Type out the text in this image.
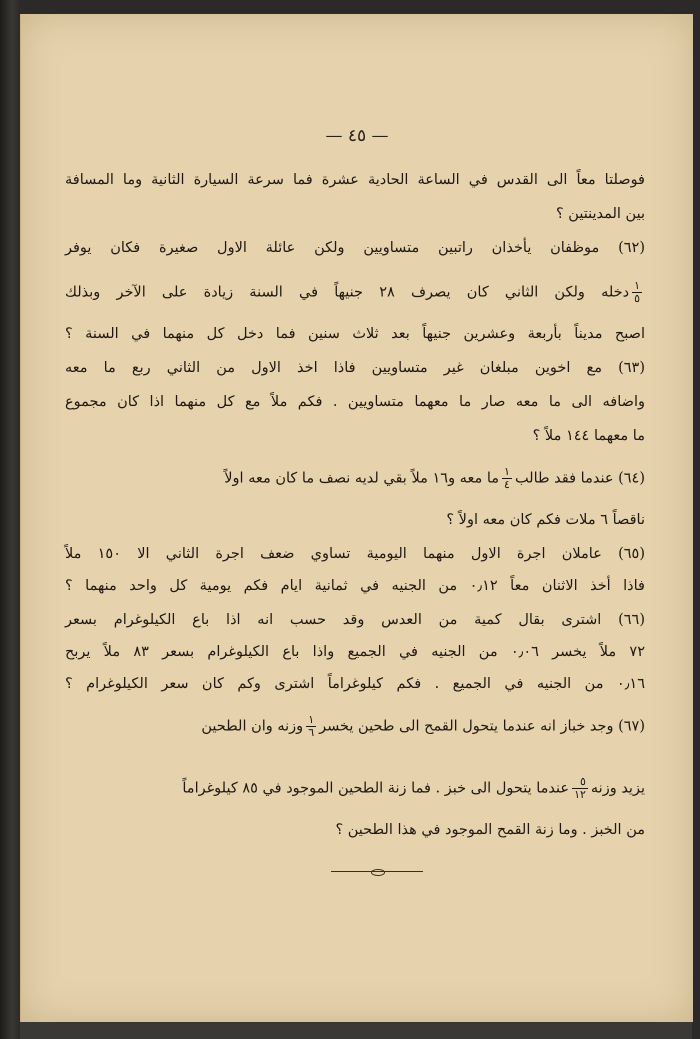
— ٤٥ —
فوصلتا معاً الى القدس في الساعة الحادية عشرة فما سرعة السيارة الثانية وما المسافة
بين المدينتين ؟
(٦٢) موظفان يأخذان راتبين متساويين ولكن عائلة الاول صغيرة فكان يوفر
$\frac{١}{٥}$
دخله ولكن الثاني كان يصرف ٢٨ جنيهاً في السنة زيادة على الآخر وبذلك
اصبح مديناً بأربعة وعشرين جنيهاً بعد ثلاث سنين فما دخل كل منهما في السنة ؟
(٦٣) مع اخوين مبلغان غير متساويين فاذا اخذ الاول من الثاني ربع ما معه
واضافه الى ما معه صار ما معهما متساويين . فكم ملاً مع كل منهما اذا كان مجموع
ما معهما ١٤٤ ملاً ؟
(٦٤) عندما فقد طالب
$\frac{١}{٤}$
ما معه و١٦ ملاً بقي لديه نصف ما كان معه اولاً
ناقصاً ٦ ملات فكم كان معه اولاً ؟
(٦٥) عاملان اجرة الاول منهما اليومية تساوي ضعف اجرة الثاني الا ١٥٠ ملاً
فاذا أخذ الاثنان معاً ٠٫١٢ من الجنيه في ثمانية ايام فكم يومية كل واحد منهما ؟
(٦٦) اشترى بقال كمية من العدس وقد حسب انه اذا باع الكيلوغرام بسعر
٧٢ ملاً يخسر ٠٫٠٦ من الجنيه في الجميع واذا باع الكيلوغرام بسعر ٨٣ ملاً يربح
٠٫١٦ من الجنيه في الجميع . فكم كيلوغراماً اشترى وكم كان سعر الكيلوغرام ؟
(٦٧) وجد خباز انه عندما يتحول القمح الى طحين يخسر
$\frac{١}{٦}$
وزنه وان الطحين
يزيد وزنه
$\frac{٥}{١٢}$
عندما يتحول الى خبز . فما زنة الطحين الموجود في ٨٥ كيلوغراماً
من الخبز . وما زنة القمح الموجود في هذا الطحين ؟
